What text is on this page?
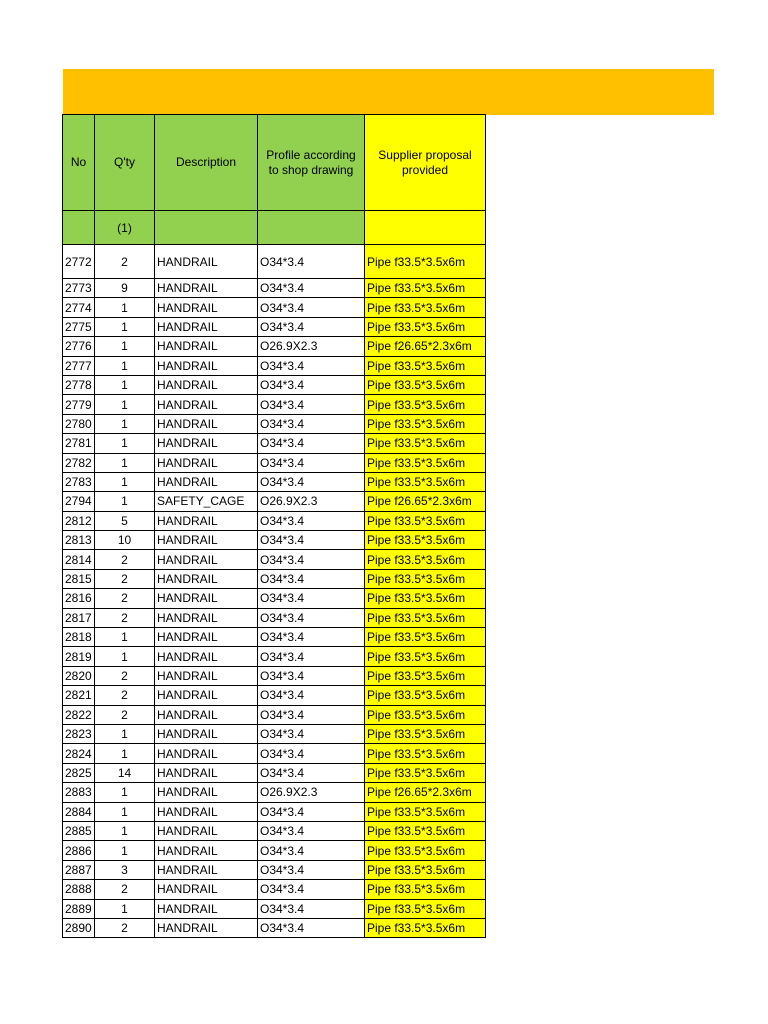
No	Q'ty	Description	Profile according to shop drawing	Supplier proposal provided
	(1)			
2772	2	HANDRAIL	O34*3.4	Pipe f33.5*3.5x6m
2773	9	HANDRAIL	O34*3.4	Pipe f33.5*3.5x6m
2774	1	HANDRAIL	O34*3.4	Pipe f33.5*3.5x6m
2775	1	HANDRAIL	O34*3.4	Pipe f33.5*3.5x6m
2776	1	HANDRAIL	O26.9X2.3	Pipe f26.65*2.3x6m
2777	1	HANDRAIL	O34*3.4	Pipe f33.5*3.5x6m
2778	1	HANDRAIL	O34*3.4	Pipe f33.5*3.5x6m
2779	1	HANDRAIL	O34*3.4	Pipe f33.5*3.5x6m
2780	1	HANDRAIL	O34*3.4	Pipe f33.5*3.5x6m
2781	1	HANDRAIL	O34*3.4	Pipe f33.5*3.5x6m
2782	1	HANDRAIL	O34*3.4	Pipe f33.5*3.5x6m
2783	1	HANDRAIL	O34*3.4	Pipe f33.5*3.5x6m
2794	1	SAFETY_CAGE	O26.9X2.3	Pipe f26.65*2.3x6m
2812	5	HANDRAIL	O34*3.4	Pipe f33.5*3.5x6m
2813	10	HANDRAIL	O34*3.4	Pipe f33.5*3.5x6m
2814	2	HANDRAIL	O34*3.4	Pipe f33.5*3.5x6m
2815	2	HANDRAIL	O34*3.4	Pipe f33.5*3.5x6m
2816	2	HANDRAIL	O34*3.4	Pipe f33.5*3.5x6m
2817	2	HANDRAIL	O34*3.4	Pipe f33.5*3.5x6m
2818	1	HANDRAIL	O34*3.4	Pipe f33.5*3.5x6m
2819	1	HANDRAIL	O34*3.4	Pipe f33.5*3.5x6m
2820	2	HANDRAIL	O34*3.4	Pipe f33.5*3.5x6m
2821	2	HANDRAIL	O34*3.4	Pipe f33.5*3.5x6m
2822	2	HANDRAIL	O34*3.4	Pipe f33.5*3.5x6m
2823	1	HANDRAIL	O34*3.4	Pipe f33.5*3.5x6m
2824	1	HANDRAIL	O34*3.4	Pipe f33.5*3.5x6m
2825	14	HANDRAIL	O34*3.4	Pipe f33.5*3.5x6m
2883	1	HANDRAIL	O26.9X2.3	Pipe f26.65*2.3x6m
2884	1	HANDRAIL	O34*3.4	Pipe f33.5*3.5x6m
2885	1	HANDRAIL	O34*3.4	Pipe f33.5*3.5x6m
2886	1	HANDRAIL	O34*3.4	Pipe f33.5*3.5x6m
2887	3	HANDRAIL	O34*3.4	Pipe f33.5*3.5x6m
2888	2	HANDRAIL	O34*3.4	Pipe f33.5*3.5x6m
2889	1	HANDRAIL	O34*3.4	Pipe f33.5*3.5x6m
2890	2	HANDRAIL	O34*3.4	Pipe f33.5*3.5x6m
